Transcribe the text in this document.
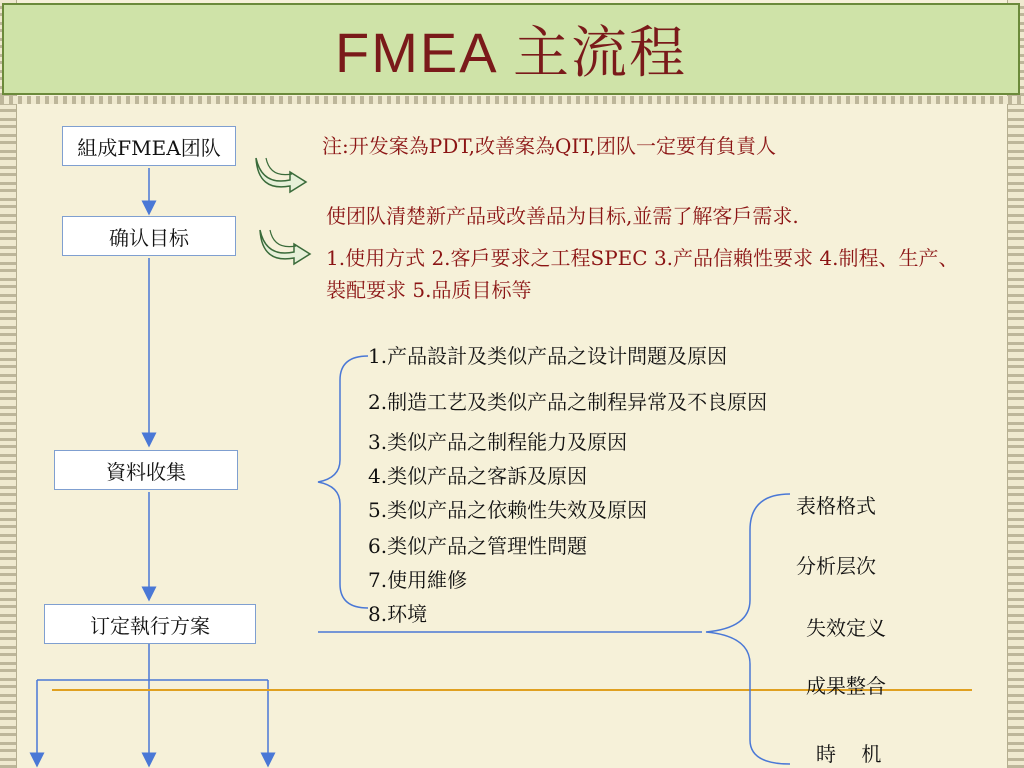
FMEA 主流程
組成FMEA团队
确认目标
資料收集
订定執行方案
注:开发案為PDT,改善案為QIT,团队一定要有負責人
使团队清楚新产品或改善品为目标,並需了解客戶需求.
1.使用方式 2.客戶要求之工程SPEC 3.产品信賴性要求 4.制程、生产、裝配要求 5.品质目标等
1.产品設計及类似产品之设计問題及原因
2.制造工艺及类似产品之制程异常及不良原因
3.类似产品之制程能力及原因
4.类似产品之客訴及原因
5.类似产品之依赖性失效及原因
6.类似产品之管理性問題
7.使用維修
8.环境
表格格式
分析层次
失效定义
成果整合
時    机
